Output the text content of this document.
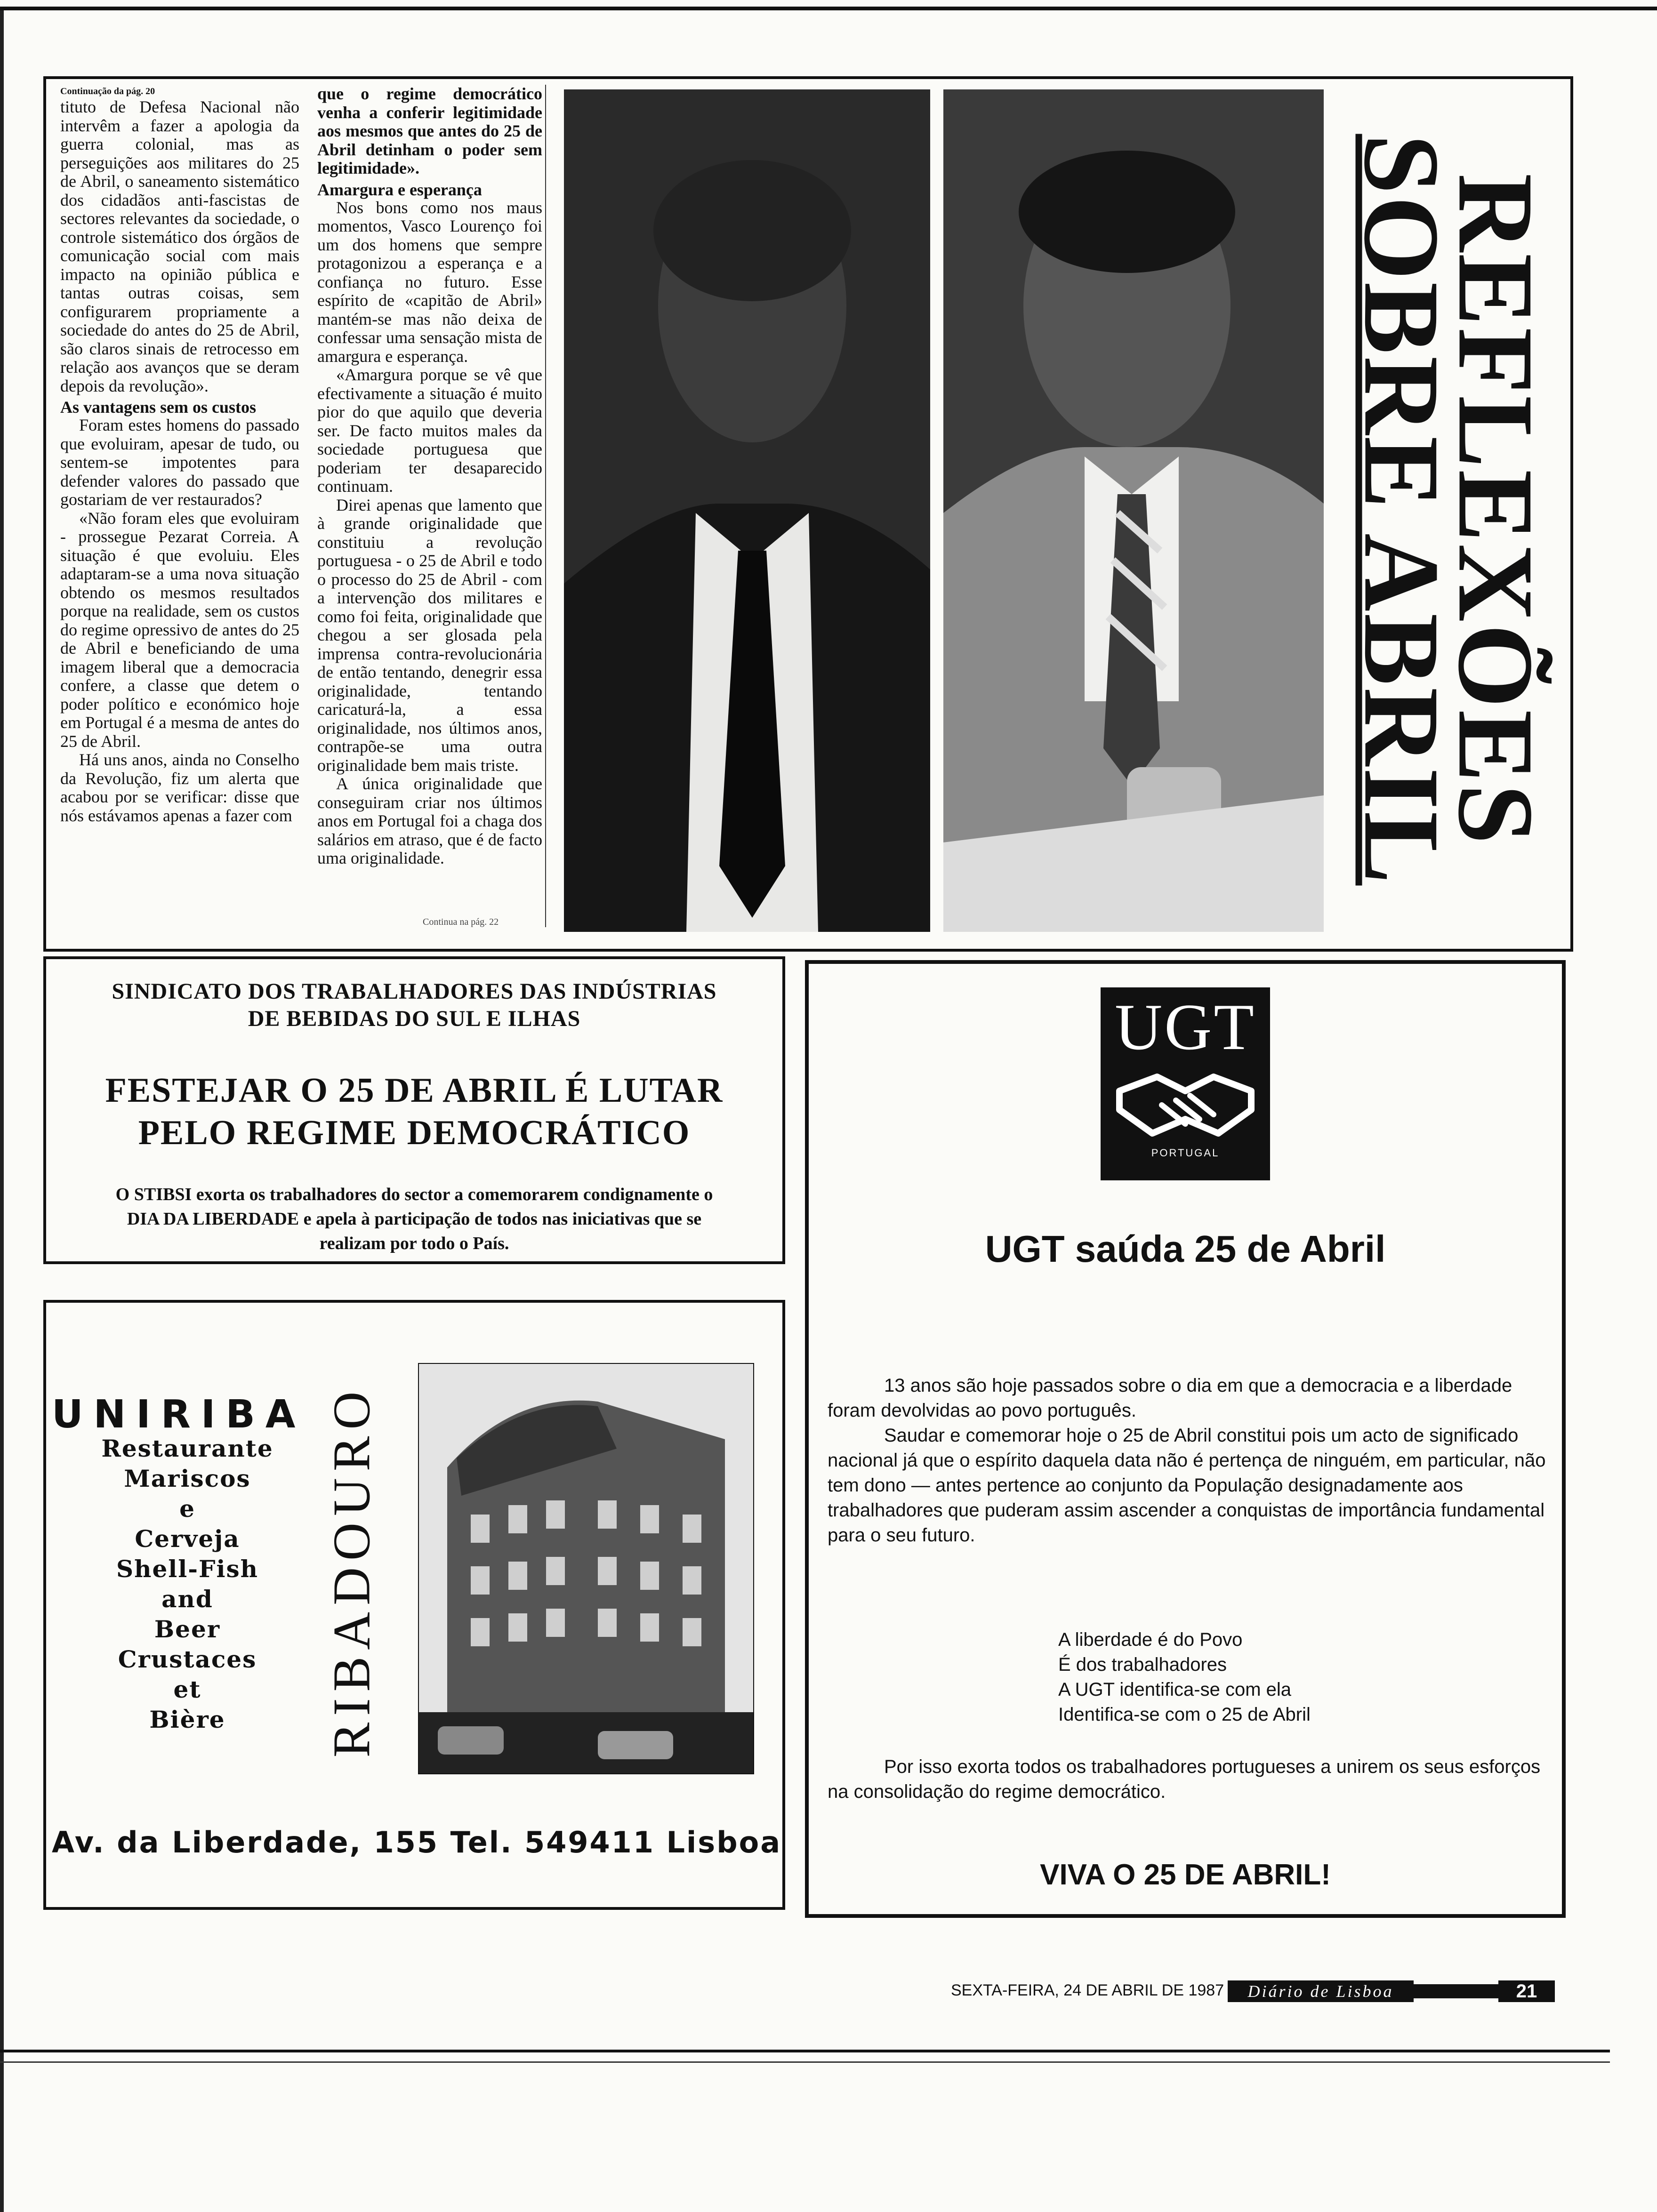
Continuação da pág. 20

tituto de Defesa Nacional não intervêm a fazer a apologia da guerra colonial, mas as perseguições aos militares do 25 de Abril, o saneamento sistemático dos cidadãos anti-fascistas de sectores relevantes da sociedade, o controle sistemático dos órgãos de comunicação social com mais impacto na opinião pública e tantas outras coisas, sem configurarem propriamente a sociedade do antes do 25 de Abril, são claros sinais de retrocesso em relação aos avanços que se deram depois da revolução».

As vantagens sem os custos

Foram estes homens do passado que evoluiram, apesar de tudo, ou sentem-se impotentes para defender valores do passado que gostariam de ver restaurados?

«Não foram eles que evoluiram - prossegue Pezarat Correia. A situação é que evoluiu. Eles adaptaram-se a uma nova situação obtendo os mesmos resultados porque na realidade, sem os custos do regime opressivo de antes do 25 de Abril e beneficiando de uma imagem liberal que a democracia confere, a classe que detem o poder político e económico hoje em Portugal é a mesma de antes do 25 de Abril.

Há uns anos, ainda no Conselho da Revolução, fiz um alerta que acabou por se verificar: disse que nós estávamos apenas a fazer com

que o regime democrático venha a conferir legitimidade aos mesmos que antes do 25 de Abril detinham o poder sem legitimidade».

Amargura e esperança

Nos bons como nos maus momentos, Vasco Lourenço foi um dos homens que sempre protagonizou a esperança e a confiança no futuro. Esse espírito de «capitão de Abril» mantém-se mas não deixa de confessar uma sensação mista de amargura e esperança.

«Amargura porque se vê que efectivamente a situação é muito pior do que aquilo que deveria ser. De facto muitos males da sociedade portuguesa que poderiam ter desaparecido continuam.

Direi apenas que lamento que à grande originalidade que constituiu a revolução portuguesa - o 25 de Abril e todo o processo do 25 de Abril - com a intervenção dos militares e como foi feita, originalidade que chegou a ser glosada pela imprensa contra-revolucionária de então tentando, denegrir essa originalidade, tentando caricaturá-la, a essa originalidade, nos últimos anos, contrapõe-se uma outra originalidade bem mais triste.

A única originalidade que conseguiram criar nos últimos anos em Portugal foi a chaga dos salários em atraso, que é de facto uma originalidade.

Continua na pág. 22
REFLEXÕES
SOBRE ABRIL
SINDICATO DOS TRABALHADORES DAS INDÚSTRIAS
DE BEBIDAS DO SUL E ILHAS
FESTEJAR O 25 DE ABRIL É LUTAR
PELO REGIME DEMOCRÁTICO
O STIBSI exorta os trabalhadores do sector a comemorarem condignamente o DIA DA LIBERDADE e apela à participação de todos nas iniciativas que se realizam por todo o País.
UGT
PORTUGAL
UGT saúda 25 de Abril
13 anos são hoje passados sobre o dia em que a democracia e a liberdade foram devolvidas ao povo português.
Saudar e comemorar hoje o 25 de Abril constitui pois um acto de significado nacional já que o espírito daquela data não é pertença de ninguém, em particular, não tem dono — antes pertence ao conjunto da População designadamente aos trabalhadores que puderam assim ascender a conquistas de importância fundamental para o seu futuro.
A liberdade é do Povo
É dos trabalhadores
A UGT identifica-se com ela
Identifica-se com o 25 de Abril
Por isso exorta todos os trabalhadores portugueses a unirem os seus esforços na consolidação do regime democrático.
VIVA O 25 DE ABRIL!
UNIRIBA
Restaurante
Mariscos
e
Cerveja
Shell-Fish
and
Beer
Crustaces
et
Bière	RIBADOURO
Av. da Liberdade, 155 Tel. 549411 Lisboa
SEXTA-FEIRA, 24 DE ABRIL DE 1987	Diário de Lisboa	21
